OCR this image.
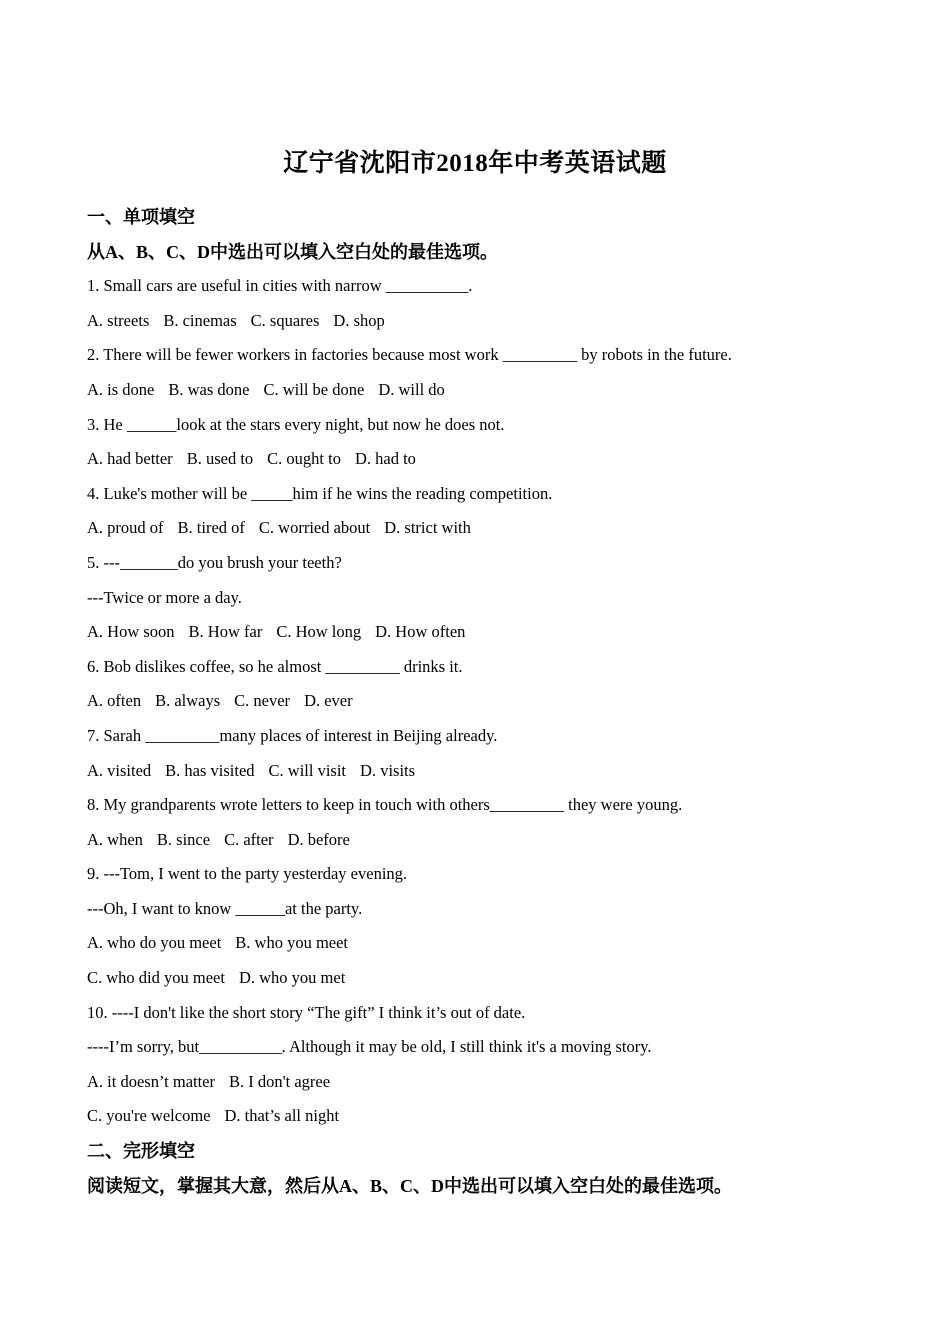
辽宁省沈阳市2018年中考英语试题
一、单项填空
从A、B、C、D中选出可以填入空白处的最佳选项。
1. Small cars are useful in cities with narrow __________.
A. streets B. cinemas C. squares D. shop
2. There will be fewer workers in factories because most work _________ by robots in the future.
A. is done B. was done C. will be done D. will do
3. He ______look at the stars every night, but now he does not.
A. had better B. used to C. ought to D. had to
4. Luke's mother will be _____him if he wins the reading competition.
A. proud of B. tired of C. worried about D. strict with
5. ---_______do you brush your teeth?
---Twice or more a day.
A. How soon B. How far C. How long D. How often
6. Bob dislikes coffee, so he almost _________ drinks it.
A. often B. always C. never D. ever
7. Sarah _________many places of interest in Beijing already.
A. visited B. has visited C. will visit D. visits
8. My grandparents wrote letters to keep in touch with others_________ they were young.
A. when B. since C. after D. before
9. ---Tom, I went to the party yesterday evening.
---Oh, I want to know ______at the party.
A. who do you meet B. who you meet
C. who did you meet D. who you met
10. ----I don't like the short story “The gift” I think it’s out of date.
----I’m sorry, but__________. Although it may be old, I still think it's a moving story.
A. it doesn’t matter B. I don't agree
C. you're welcome D. that’s all night
二、完形填空
阅读短文，掌握其大意，然后从A、B、C、D中选出可以填入空白处的最佳选项。
